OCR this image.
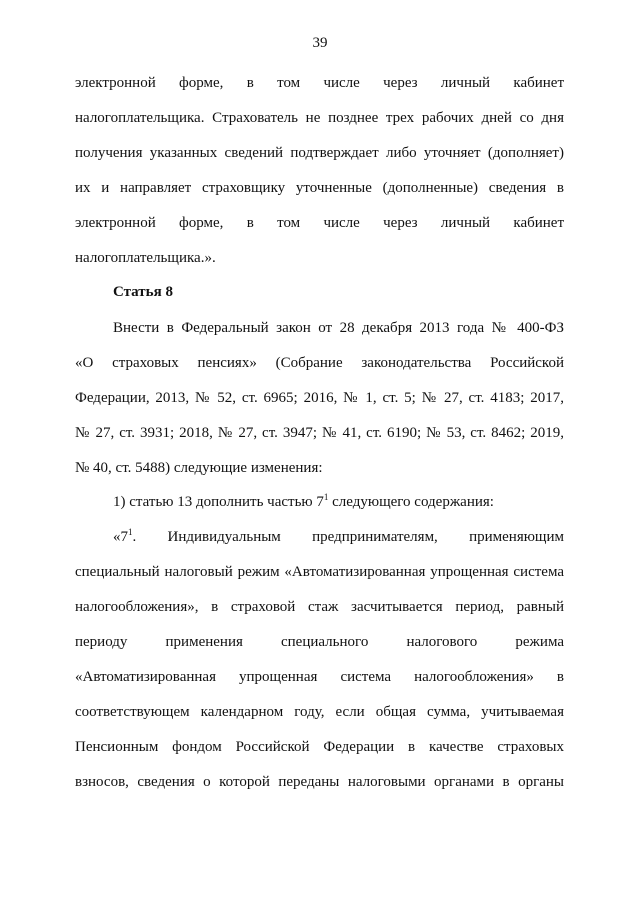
39
электронной форме, в том числе через личный кабинет
налогоплательщика. Страхователь не позднее трех рабочих дней со дня
получения указанных сведений подтверждает либо уточняет (дополняет)
их и направляет страховщику уточненные (дополненные) сведения в
электронной форме, в том числе через личный кабинет
налогоплательщика.».
Статья 8
Внести в Федеральный закон от 28 декабря 2013 года № 400-ФЗ
«О страховых пенсиях» (Собрание законодательства Российской
Федерации, 2013, № 52, ст. 6965; 2016, № 1, ст. 5; № 27, ст. 4183; 2017,
№ 27, ст. 3931; 2018, № 27, ст. 3947; № 41, ст. 6190; № 53, ст. 8462; 2019,
№ 40, ст. 5488) следующие изменения:
1) статью 13 дополнить частью $7^1$ следующего содержания:
«$7^1$. Индивидуальным предпринимателям, применяющим
специальный налоговый режим «Автоматизированная упрощенная система
налогообложения», в страховой стаж засчитывается период, равный
периоду применения специального налогового режима
«Автоматизированная упрощенная система налогообложения» в
соответствующем календарном году, если общая сумма, учитываемая
Пенсионным фондом Российской Федерации в качестве страховых
взносов, сведения о которой переданы налоговыми органами в органы
